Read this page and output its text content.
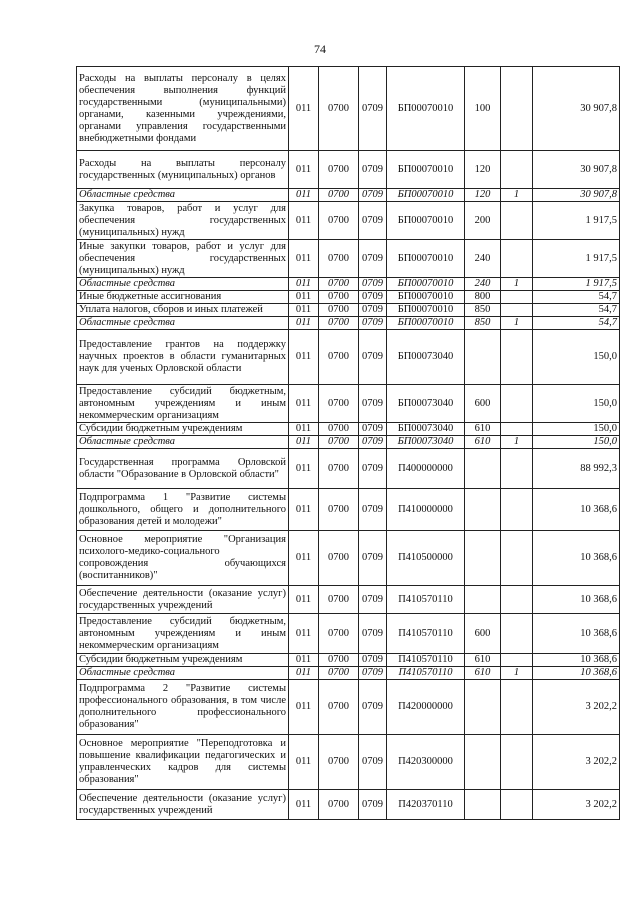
74
Расходы на выплаты персоналу в целях обеспечения выполнения функций государственными (муниципальными) органами, казенными учреждениями, органами управления государственными внебюджетными фондами	011	0700	0709	БП00070010	100		30 907,8
Расходы на выплаты персоналу государственных (муниципальных) органов	011	0700	0709	БП00070010	120		30 907,8
Областные средства	011	0700	0709	БП00070010	120	1	30 907,8
Закупка товаров, работ и услуг для обеспечения государственных (муниципальных) нужд	011	0700	0709	БП00070010	200		1 917,5
Иные закупки товаров, работ и услуг для обеспечения государственных (муниципальных) нужд	011	0700	0709	БП00070010	240		1 917,5
Областные средства	011	0700	0709	БП00070010	240	1	1 917,5
Иные бюджетные ассигнования	011	0700	0709	БП00070010	800		54,7
Уплата налогов, сборов и иных платежей	011	0700	0709	БП00070010	850		54,7
Областные средства	011	0700	0709	БП00070010	850	1	54,7
Предоставление грантов на поддержку научных проектов в области гуманитарных наук для ученых Орловской области	011	0700	0709	БП00073040			150,0
Предоставление субсидий бюджетным, автономным учреждениям и иным некоммерческим организациям	011	0700	0709	БП00073040	600		150,0
Субсидии бюджетным учреждениям	011	0700	0709	БП00073040	610		150,0
Областные средства	011	0700	0709	БП00073040	610	1	150,0
Государственная программа Орловской области "Образование в Орловской области"	011	0700	0709	П400000000			88 992,3
Подпрограмма 1 "Развитие системы дошкольного, общего и дополнительного образования детей и молодежи"	011	0700	0709	П410000000			10 368,6
Основное мероприятие "Организация психолого-медико-социального сопровождения обучающихся (воспитанников)"	011	0700	0709	П410500000			10 368,6
Обеспечение деятельности (оказание услуг) государственных учреждений	011	0700	0709	П410570110			10 368,6
Предоставление субсидий бюджетным, автономным учреждениям и иным некоммерческим организациям	011	0700	0709	П410570110	600		10 368,6
Субсидии бюджетным учреждениям	011	0700	0709	П410570110	610		10 368,6
Областные средства	011	0700	0709	П410570110	610	1	10 368,6
Подпрограмма 2 "Развитие системы профессионального образования, в том числе дополнительного профессионального образования"	011	0700	0709	П420000000			3 202,2
Основное мероприятие "Переподготовка и повышение квалификации педагогических и управленческих кадров для системы образования"	011	0700	0709	П420300000			3 202,2
Обеспечение деятельности (оказание услуг) государственных учреждений	011	0700	0709	П420370110			3 202,2
